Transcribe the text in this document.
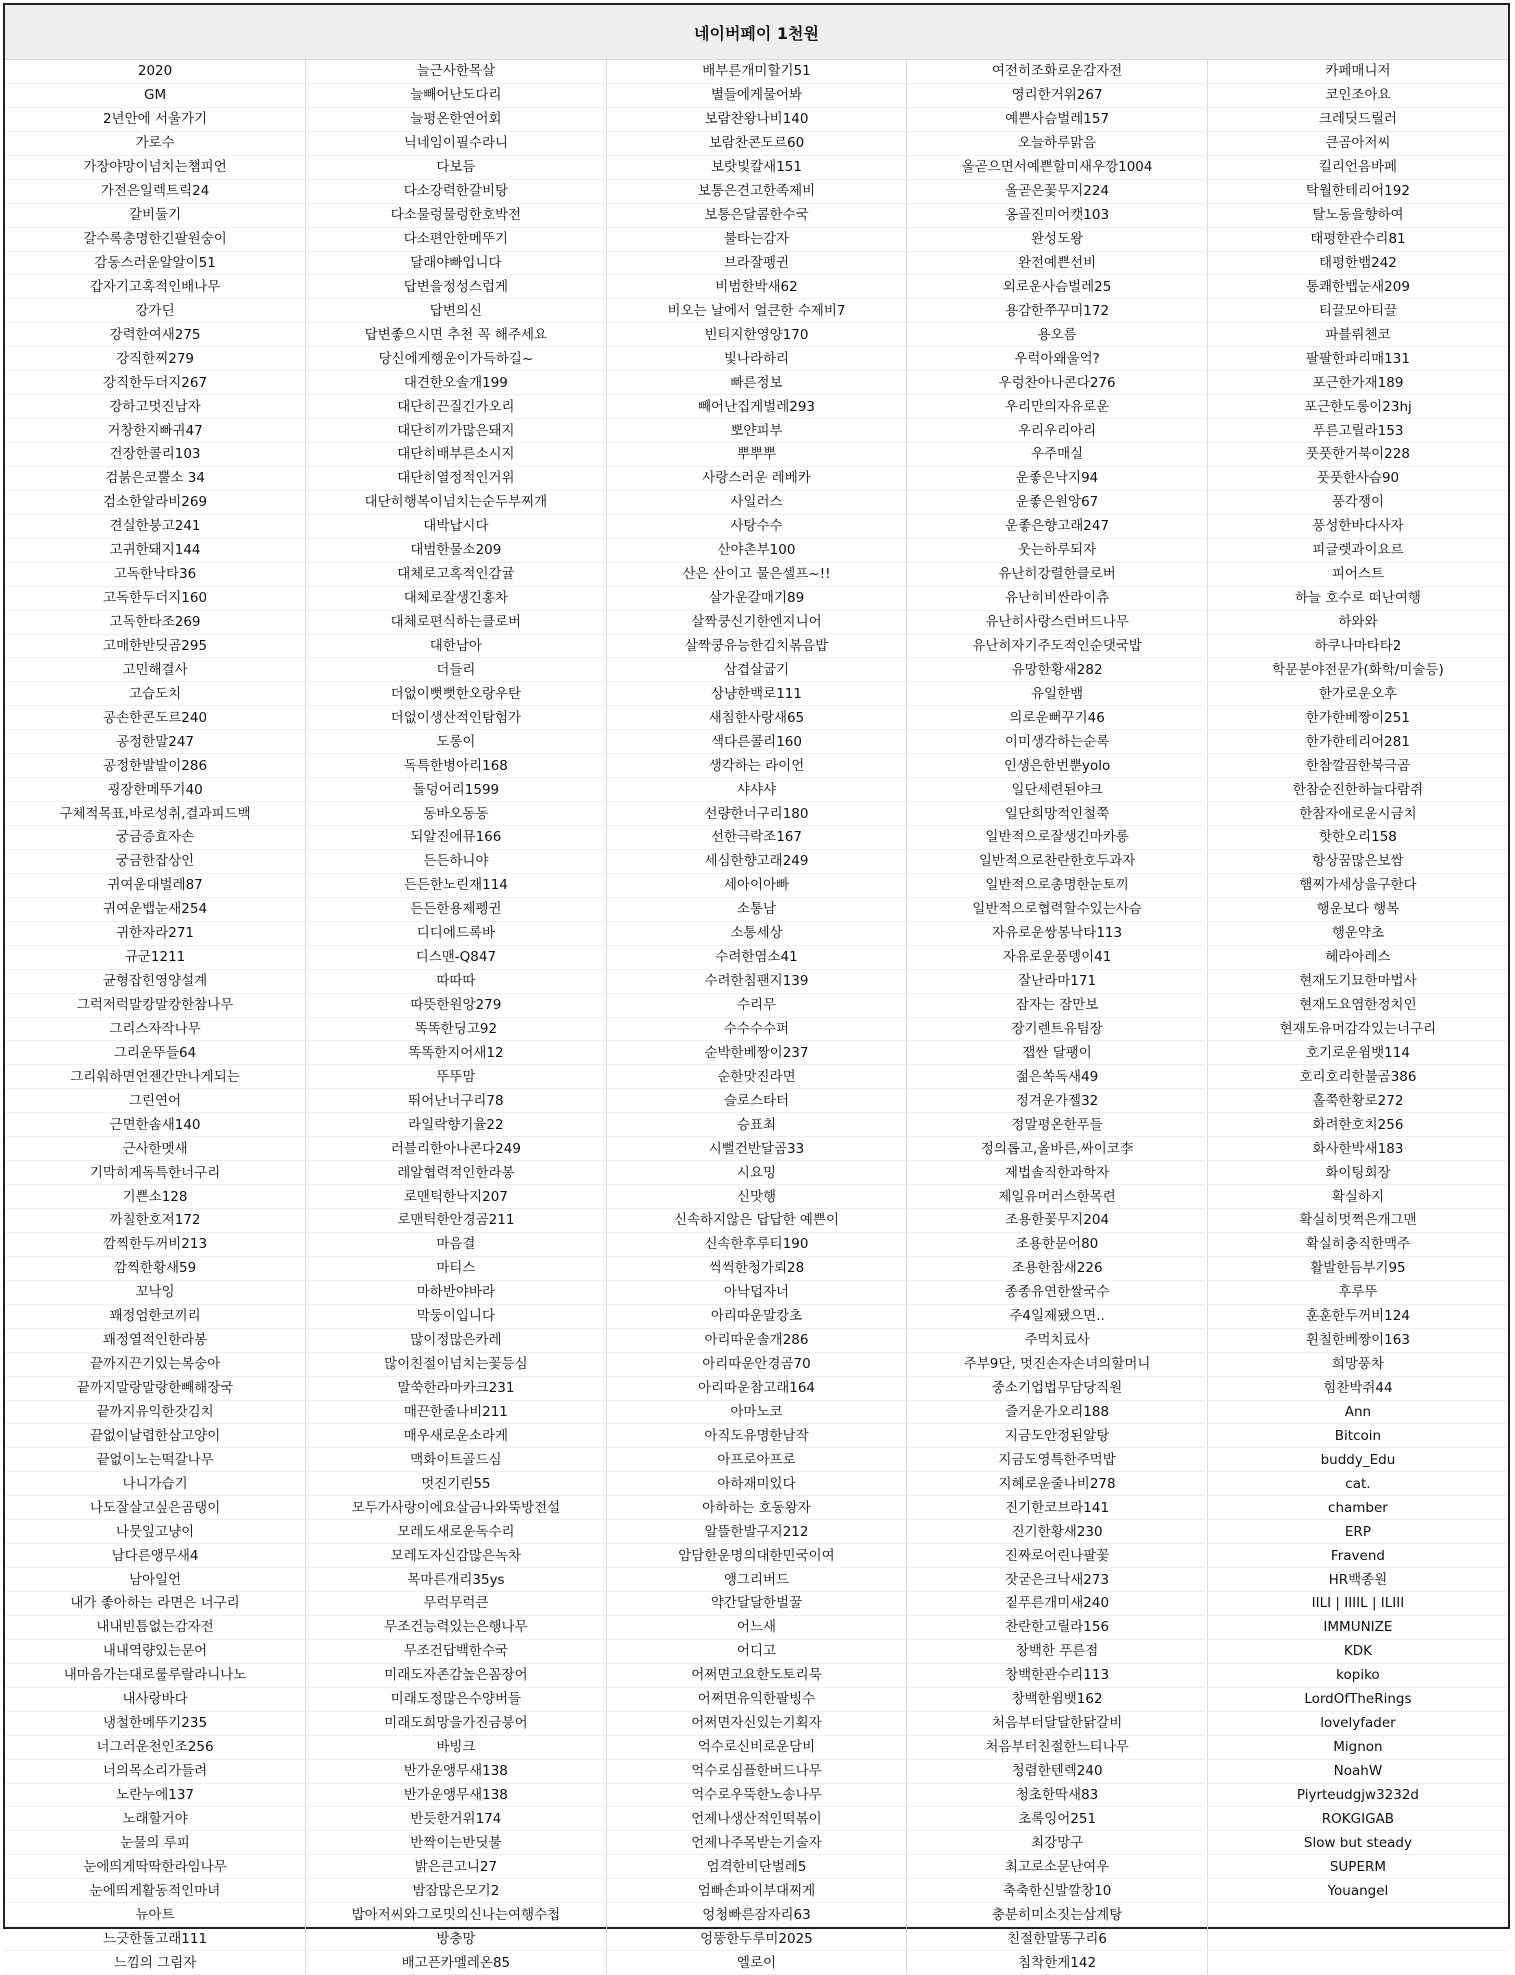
네이버페이 1천원				
2020	늘근사한목살	배부른개미할기51	여전히조화로운감자전	카페매니저
GM	늘빼어난도다리	별들에게물어봐	영리한거위267	코인조아요
2년안에 서울가기	늘평온한연어회	보람찬왕나비140	예쁜사슴벌레157	크레딧드릴러
가로수	닉네임이필수라니	보람찬콘도르60	오늘하루맑음	큰곰아저씨
가장야망이넘치는챔피언	다보듬	보랏빛칼새151	올곧으면서예쁜할미새우깡1004	킬리언음바페
가전은일렉트릭24	다소강력한갈비탕	보통은견고한족제비	올곧은꽃무지224	탁월한테리어192
갈비둘기	다소물렁물렁한호박전	보통은달콤한수국	옹골진미어캣103	탈노동을향하여
갈수록총명한긴팔원숭이	다소편안한메뚜기	불타는감자	완성도왕	태평한관수리81
감동스러운알알이51	달래야빠입니다	브라잘펭귄	완전예쁜선비	태평한뱀242
갑자기고혹적인배나무	답변을정성스럽게	비범한박새62	외로운사슴벌레25	통쾌한뱁눈새209
강가딘	답변의신	비오는 날에서 얼큰한 수제비7	용감한쭈꾸미172	티끌모아티끌
강력한여새275	답변좋으시면 추천 꼭 해주세요	빈티지한영양170	용오름	파블뤼첸코
강직한찌279	당신에게행운이가득하길~	빛나라하리	우럭아왜울억?	팔팔한파리매131
강직한두더지267	대견한오솔개199	빠른정보	우렁찬아나콘다276	포근한가재189
강하고멋진남자	대단히끈질긴가오리	빼어난집게벌레293	우리만의자유로운	포근한도롱이23hj
거창한지빠귀47	대단히끼가많은돼지	뽀얀피부	우리우리아리	푸른고릴라153
건장한콜리103	대단히배부른소시지	뿌뿌뿌	우주매실	풋풋한거북이228
검붉은코뿔소 34	대단히열정적인거위	사랑스러운 레베카	운좋은낙지94	풋풋한사슴90
검소한알라비269	대단히행복이넘치는순두부찌개	사일러스	운좋은원앙67	풍각쟁이
견실한붕고241	대박납시다	사탕수수	운좋은향고래247	풍성한바다사자
고귀한돼지144	대범한물소209	산야촌부100	웃는하루되자	피글렛과이요르
고독한낙타36	대체로고혹적인감귤	산은 산이고 물은셀프~!!	유난히강렬한클로버	피어스트
고독한두더지160	대체로잘생긴홍차	살가운갈매기89	유난히비싼라이츄	하늘 호수로 떠난여행
고독한타조269	대체로편식하는클로버	살짝쿵신기한엔지니어	유난히사랑스런버드나무	하와와
고매한반딧곰295	대한남아	살짝쿵유능한김치볶음밥	유난히자기주도적인순댓국밥	하쿠나마타타2
고민해결사	더들리	삼겹살굽기	유망한황새282	학문분야전문가(화학/미술등)
고습도치	더없이뻣뻣한오랑우탄	상냥한백로111	유일한뱀	한가로운오후
공손한콘도르240	더없이생산적인탐험가	새침한사랑새65	의로운뻐꾸기46	한가한베짱이251
공정한말247	도롱이	색다른콜리160	이미생각하는순록	한가한테리어281
공정한발발이286	독특한병아리168	생각하는 라이언	인생은한번뿐yolo	한참깔끔한북극곰
굉장한메뚜기40	돌덩어리1599	샤샤샤	일단세련된야크	한참순진한하늘다람쥐
구체적목표,바로성취,결과피드백	동바오동동	선량한너구리180	일단희망적인철쭉	한참자애로운시금치
궁금증효자손	되알진에뮤166	선한극락조167	일반적으로잘생긴마카롱	핫한오리158
궁금한잡상인	든든하니야	세심한향고래249	일반적으로찬란한호두과자	항상꿈많은보쌈
귀여운대벌레87	든든한노린재114	세아이아빠	일반적으로총명한눈토끼	햄찌가세상을구한다
귀여운뱁눈새254	든든한용제펭귄	소통남	일반적으로협력할수있는사슴	행운보다 행복
귀한자라271	디디에드록바	소통세상	자유로운쌍봉낙타113	행운약초
규군1211	디스맨-Q847	수려한염소41	자유로운풍뎅이41	헤라아레스
균형잡힌영양설계	따따따	수려한침팬지139	잘난라마171	현재도기묘한마법사
그럭저럭말캉말캉한참나무	따뜻한원앙279	수리무	잠자는 잠만보	현재도요염한정치인
그리스자작나무	똑똑한딩고92	수수수수퍼	장기렌트유팀장	현재도유머감각있는너구리
그리운뚜들64	똑똑한지어새12	순박한베짱이237	잽싼 달팽이	호기로운윔뱃114
그리워하면언젠간만나게되는	뚜뚜맘	순한맛진라면	젊은쏙독새49	호리호리한불곰386
그린연어	뛰어난너구리78	슬로스타터	정겨운가젤32	홀쭉한황로272
근면한솜새140	라일락향기율22	승표최	정말평온한푸들	화려한호치256
근사한멧새	러블리한아나콘다249	시뻘건반달곰33	정의롭고,올바른,싸이코李	화사한박새183
기막히게독특한너구리	레알협력적인한라봉	시요밍	제법솔직한과학자	화이팅회장
기쁜소128	로맨틱한낙지207	신맛행	제일유머러스한목련	확실하지
까칠한호저172	로맨틱한안경곰211	신속하지않은 답답한 예쁜이	조용한꽃무지204	확실히멋쩍은개그맨
깜찍한두꺼비213	마음결	신속한후루티190	조용한문어80	확실히충직한맥주
깜찍한황새59	마티스	씩씩한청가뢰28	조용한참새226	활발한듬부기95
꼬낙잉	마하반야바라	아낙덥자너	종종유연한쌀국수	후루뚜
꽤정엄한코끼리	막둥이입니다	아리따운말캉초	주4일제됐으면..	훈훈한두꺼비124
꽤정열적인한라봉	많이정많은카레	아리따운솔개286	주먹치료사	휜칠한베짱이163
끝까지끈기있는복숭아	많이친절이넘치는꽃등심	아리따운안경곰70	주부9단, 멋진손자손녀의할머니	희망풍차
끝까지말랑말랑한빼해장국	말쑥한라마카크231	아리따운참고래164	중소기업법무담당직원	힘찬박쥐44
끝까지유익한갓김치	매끈한줄나비211	아마노코	즐거운가오리188	Ann
끝없이날렵한삼고양이	매우새로운소라게	아직도유명한남작	지금도안정된알탕	Bitcoin
끝없이노는떡갈나무	맥화이트골드심	아프로아프로	지금도영특한주먹밥	buddy_Edu
나니가습기	멋진기린55	아하재미있다	지혜로운줄나비278	cat.
나도잘살고싶은곰탱이	모두가사랑이에요살금나와뚝방전설	아하하는 호동왕자	진기한코브라141	chamber
나뭇잎고냥이	모레도새로운독수리	알뜰한발구지212	진기한황새230	ERP
남다른앵무새4	모레도자신감많은녹차	암담한운명의대한민국이여	진짜로어린나팔꽃	Fravend
남아일언	목마른개리35ys	앵그리버드	잣굳은크낙새273	HR백종원
내가 좋아하는 라면은 너구리	무럭무럭큰	약간달달한벌꿀	짙푸른개미새240	IILI | IIIIL | ILIII
내내빈틈없는감자전	무조건능력있는은행나무	어느새	찬란한고릴라156	IMMUNIZE
내내역량있는문어	무조건답백한수국	어디고	창백한 푸른점	KDK
내마음가는대로룰루랄라니나노	미래도자존감높은꼼장어	어쩌면고요한도토리묵	창백한관수리113	kopiko
내사랑바다	미래도정많은수양버들	어쩌면유익한팔빙수	창백한윔뱃162	LordOfTheRings
냉철한메뚜기235	미래도희망을가진금붕어	어쩌면자신있는기획자	처음부터달달한닭갈비	lovelyfader
너그러운천인조256	바빙크	억수로신비로운담비	처음부터친절한느티나무	Mignon
너의목소리가들려	반가운앵무새138	억수로심플한버드나무	청렴한텐렉240	NoahW
노란누에137	반가운앵무새138	억수로우뚝한노송나무	청초한딱새83	Piyrteudgjw3232d
노래할거야	반듯한거위174	언제나생산적인떡볶이	초록잉어251	ROKGIGAB
눈물의 루피	반짝이는반딧불	언제나주목받는기술자	최강망구	Slow but steady
눈에띄게딱딱한라임나무	밝은큰고니27	엄격한비단벌레5	최고로소문난여우	SUPERM
눈에띄게활동적인마녀	밤잠많은모기2	엄빠손파이부대찌게	축축한신발깔창10	Youangel
뉴아트	밥아저씨와그로밋의신나는여행수첩	엉청빠른잠자리63	충분히미소짓는삼계탕	
느긋한돌고래111	방충망	엉뚱한두루미2025	친절한말똥구리6	
느낌의 그림자	배고픈카멜레온85	엘로이	침착한게142	
